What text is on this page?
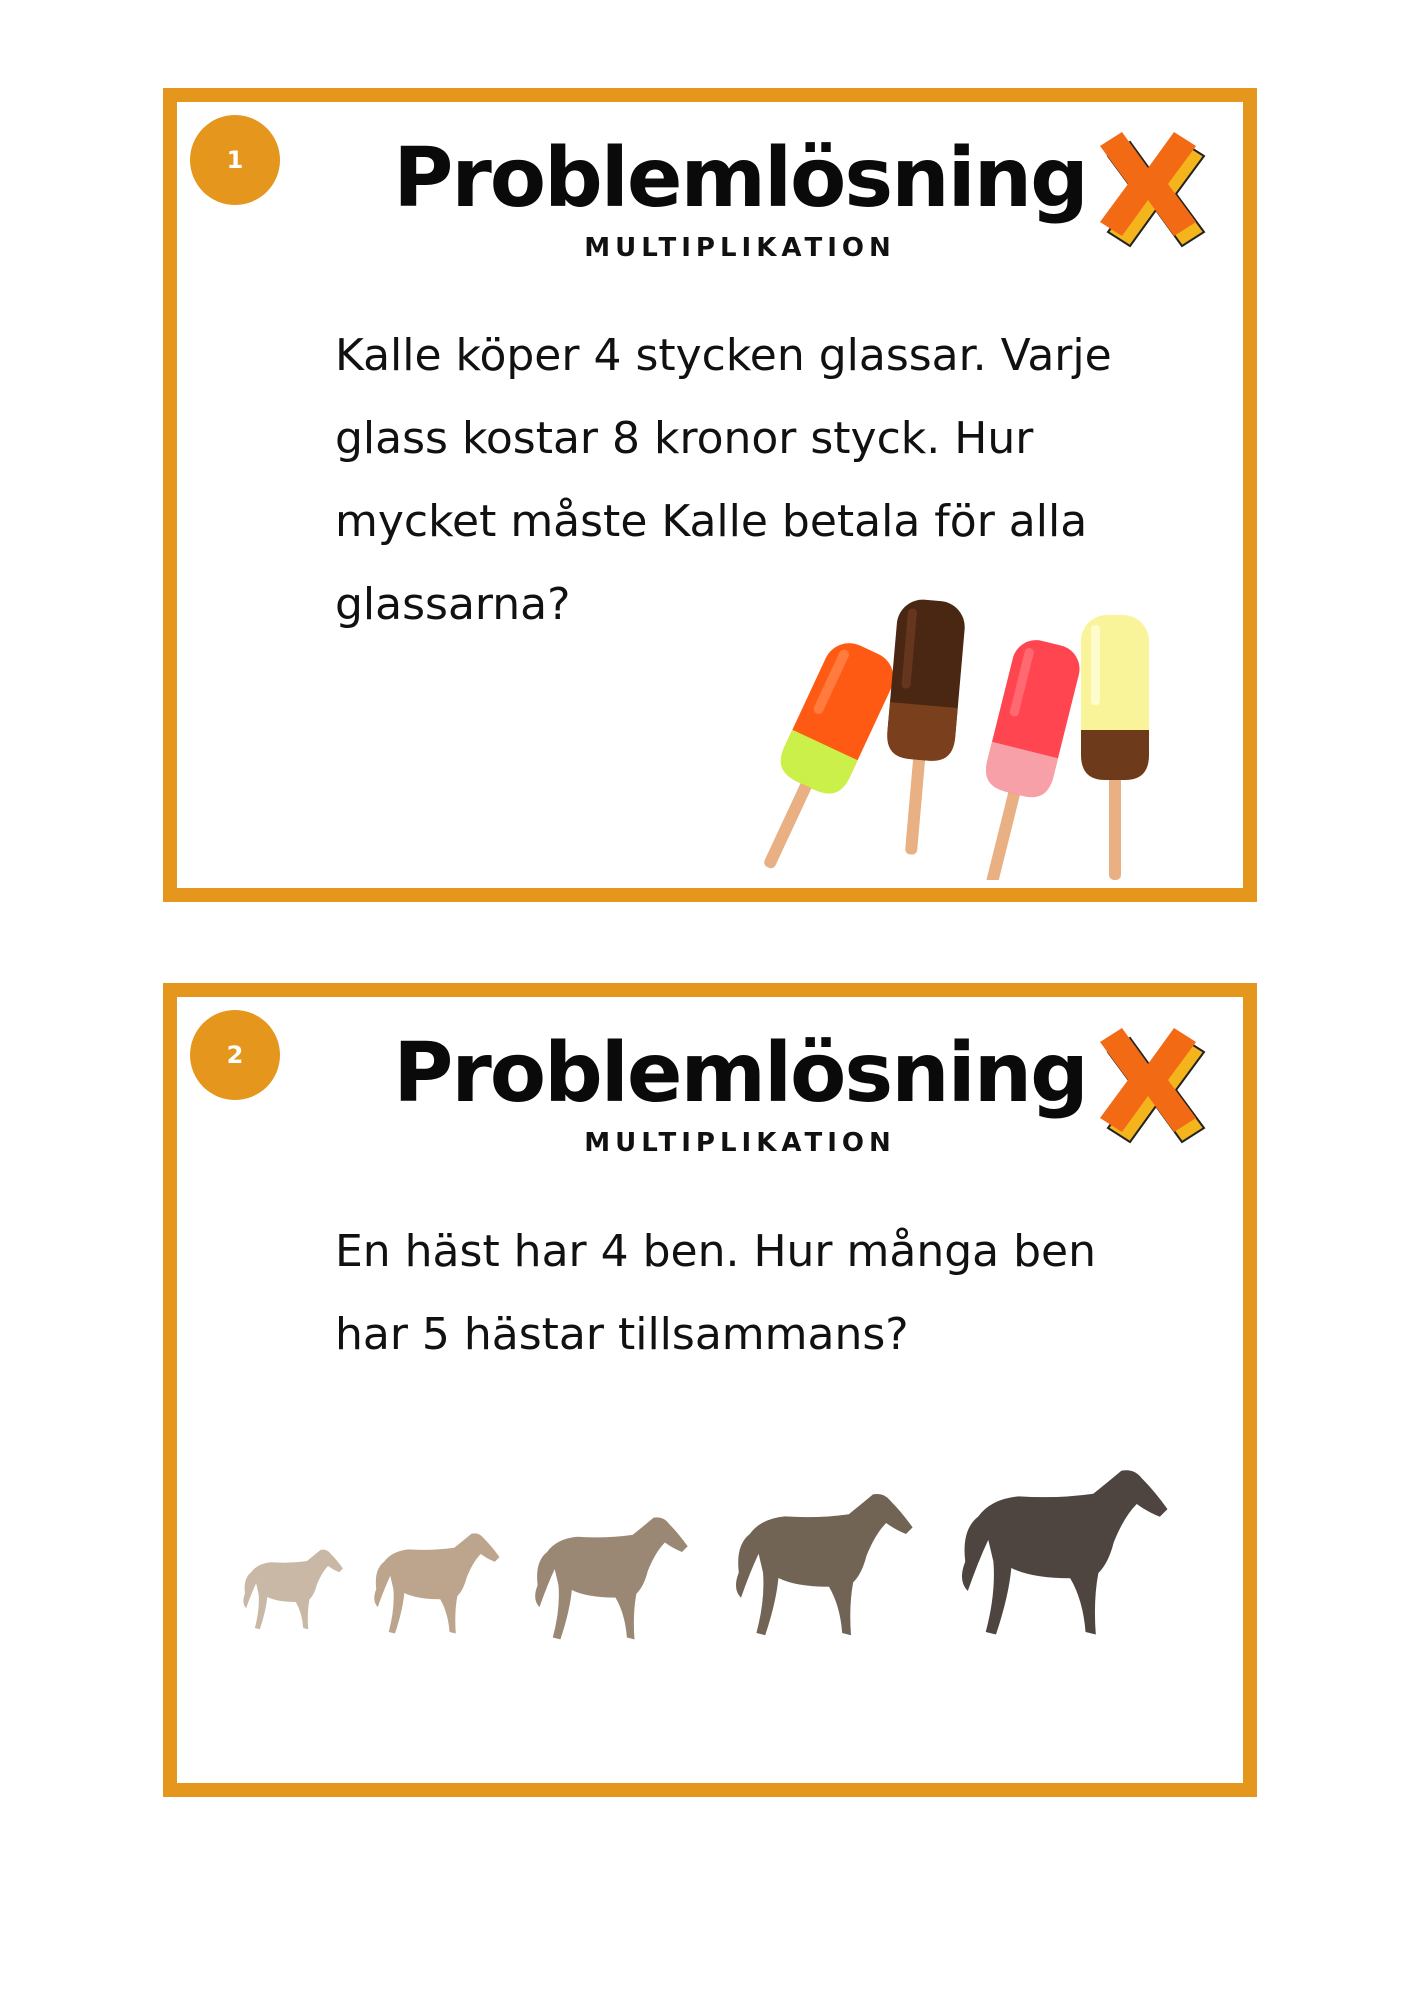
1	Problemlösning
MULTIPLIKATION

Kalle köper 4 stycken glassar. Varje glass kostar 8 kronor styck. Hur mycket måste Kalle betala för alla glassarna?

2	Problemlösning
MULTIPLIKATION

En häst har 4 ben. Hur många ben har 5 hästar tillsammans?
